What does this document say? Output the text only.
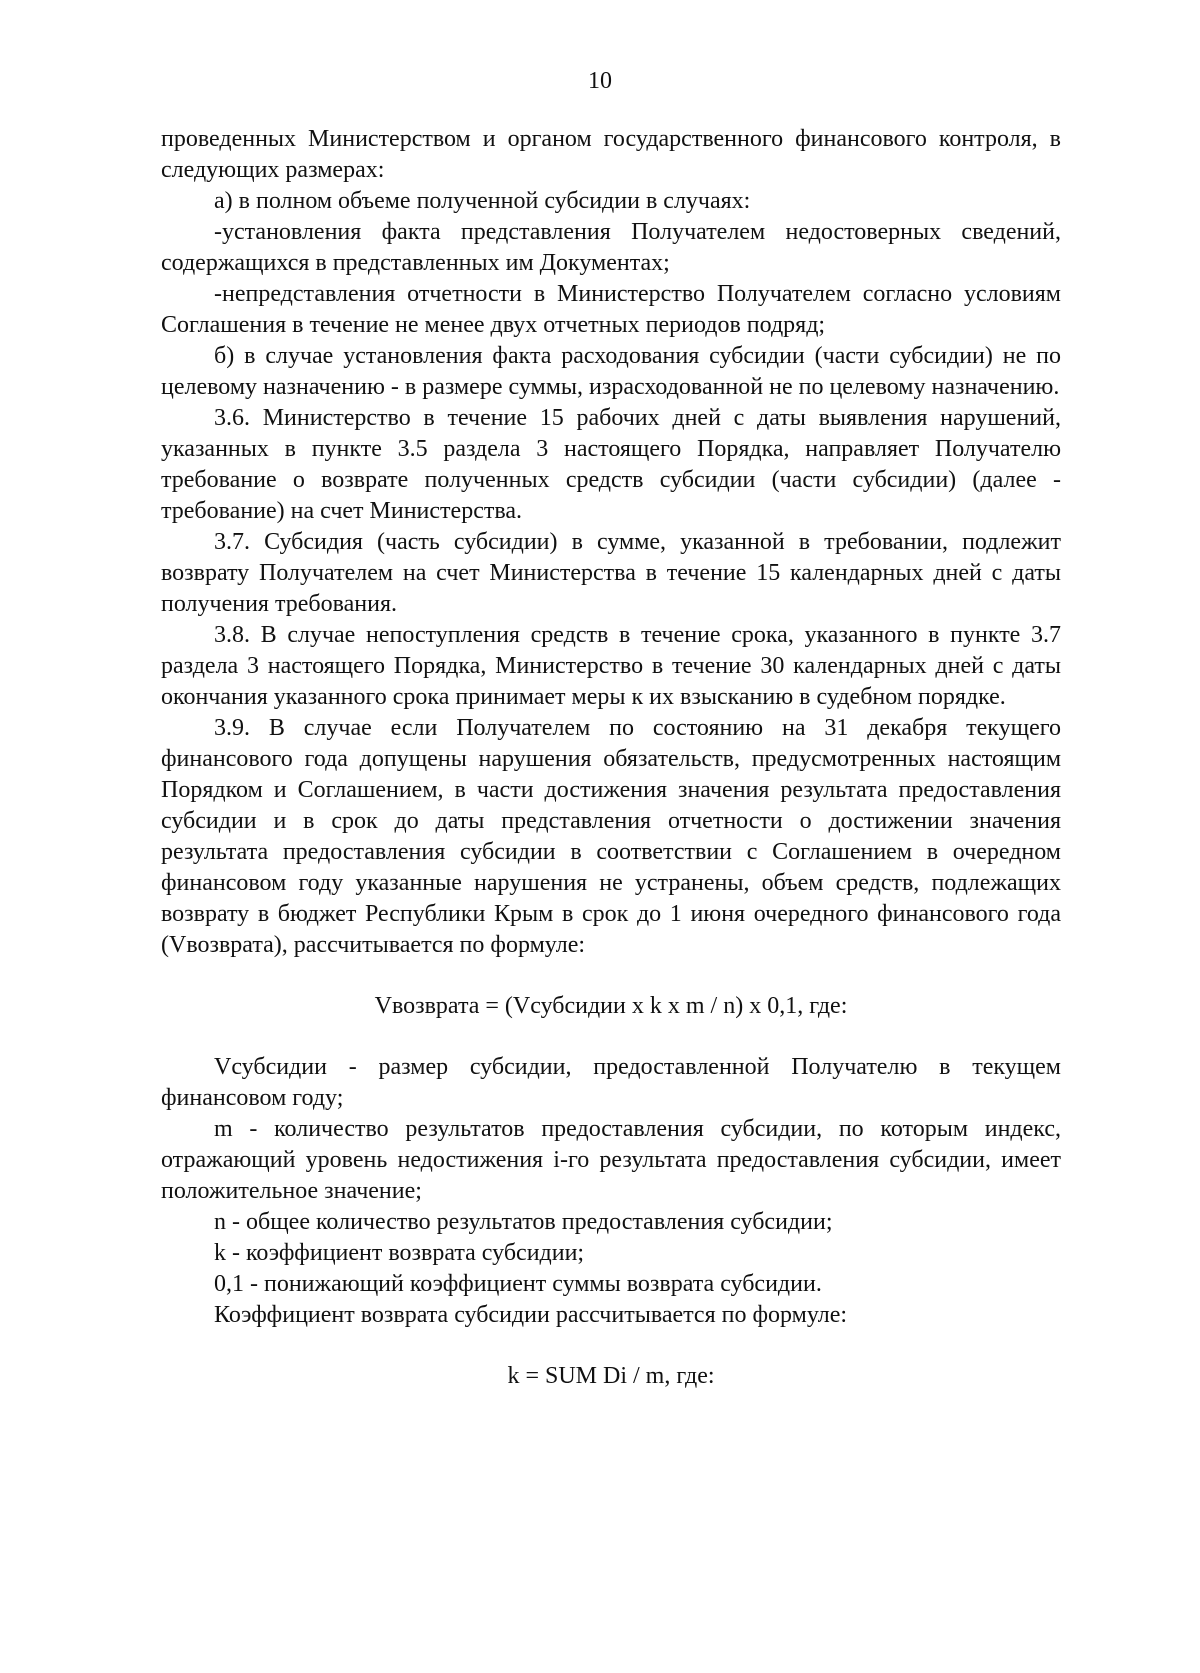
10

проведенных Министерством и органом государственного финансового контроля, в следующих размерах:

а) в полном объеме полученной субсидии в случаях:

-установления факта представления Получателем недостоверных сведений, содержащихся в представленных им Документах;

-непредставления отчетности в Министерство Получателем согласно условиям Соглашения в течение не менее двух отчетных периодов подряд;

б) в случае установления факта расходования субсидии (части субсидии) не по целевому назначению - в размере суммы, израсходованной не по целевому назначению.

3.6. Министерство в течение 15 рабочих дней с даты выявления нарушений, указанных в пункте 3.5 раздела 3 настоящего Порядка, направляет Получателю требование о возврате полученных средств субсидии (части субсидии) (далее - требование) на счет Министерства.

3.7. Субсидия (часть субсидии) в сумме, указанной в требовании, подлежит возврату Получателем на счет Министерства в течение 15 календарных дней с даты получения требования.

3.8. В случае непоступления средств в течение срока, указанного в пункте 3.7 раздела 3 настоящего Порядка, Министерство в течение 30 календарных дней с даты окончания указанного срока принимает меры к их взысканию в судебном порядке.

3.9. В случае если Получателем по состоянию на 31 декабря текущего финансового года допущены нарушения обязательств, предусмотренных настоящим Порядком и Соглашением, в части достижения значения результата предоставления субсидии и в срок до даты представления отчетности о достижении значения результата предоставления субсидии в соответствии с Соглашением в очередном финансовом году указанные нарушения не устранены, объем средств, подлежащих возврату в бюджет Республики Крым в срок до 1 июня очередного финансового года (Vвозврата), рассчитывается по формуле:

Vвозврата = (Vсубсидии x k x m / n) x 0,1, где:

Vсубсидии - размер субсидии, предоставленной Получателю в текущем финансовом году;

m - количество результатов предоставления субсидии, по которым индекс, отражающий уровень недостижения i-го результата предоставления субсидии, имеет положительное значение;

n - общее количество результатов предоставления субсидии;

k - коэффициент возврата субсидии;

0,1 - понижающий коэффициент суммы возврата субсидии.

Коэффициент возврата субсидии рассчитывается по формуле:

k = SUM Di / m, где:
